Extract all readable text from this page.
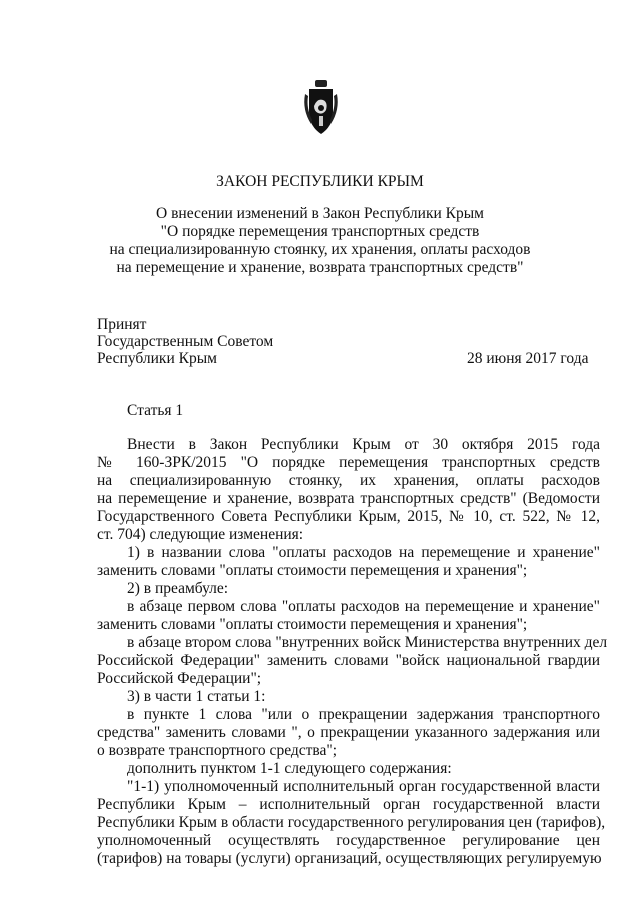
ЗАКОН РЕСПУБЛИКИ КРЫМ
О внесении изменений в Закон Республики Крым
"О порядке перемещения транспортных средств
на специализированную стоянку, их хранения, оплаты расходов
на перемещение и хранение, возврата транспортных средств"
Принят
Государственным Советом
Республики Крым	28 июня 2017 года
Статья 1
Внести в Закон Республики Крым от 30 октября 2015 года
№ 160-ЗРК/2015 "О порядке перемещения транспортных средств
на специализированную стоянку, их хранения, оплаты расходов
на перемещение и хранение, возврата транспортных средств" (Ведомости
Государственного Совета Республики Крым, 2015, № 10, ст. 522, № 12,
ст. 704) следующие изменения:
1) в названии слова "оплаты расходов на перемещение и хранение"
заменить словами "оплаты стоимости перемещения и хранения";
2) в преамбуле:
в абзаце первом слова "оплаты расходов на перемещение и хранение"
заменить словами "оплаты стоимости перемещения и хранения";
в абзаце втором слова "внутренних войск Министерства внутренних дел
Российской Федерации" заменить словами "войск национальной гвардии
Российской Федерации";
3) в части 1 статьи 1:
в пункте 1 слова "или о прекращении задержания транспортного
средства" заменить словами ", о прекращении указанного задержания или
о возврате транспортного средства";
дополнить пунктом 1-1 следующего содержания:
"1-1) уполномоченный исполнительный орган государственной власти
Республики Крым – исполнительный орган государственной власти
Республики Крым в области государственного регулирования цен (тарифов),
уполномоченный осуществлять государственное регулирование цен
(тарифов) на товары (услуги) организаций, осуществляющих регулируемую
